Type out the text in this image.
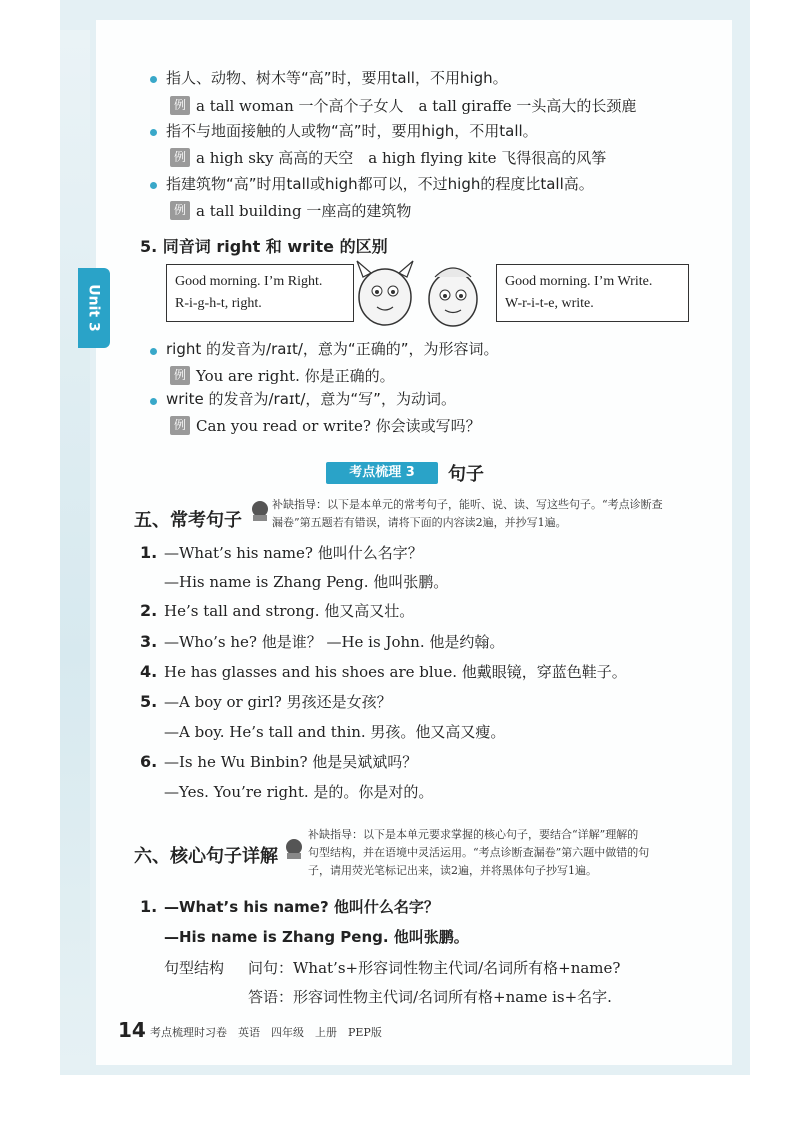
Unit 3
指人、动物、树木等“高”时，要用tall，不用high。
例 a tall woman 一个高个子女人　a tall giraffe 一头高大的长颈鹿
指不与地面接触的人或物“高”时，要用high，不用tall。
例 a high sky 高高的天空　a high flying kite 飞得很高的风筝
指建筑物“高”时用tall或high都可以，不过high的程度比tall高。
例 a tall building 一座高的建筑物
5. 同音词 right 和 write 的区别
Good morning. I’m Right.
R-i-g-h-t, right.
Good morning. I’m Write.
W-r-i-t-e, write.
right 的发音为/raɪt/，意为“正确的”，为形容词。
例 You are right. 你是正确的。
write 的发音为/raɪt/，意为“写”，为动词。
例 Can you read or write? 你会读或写吗？
考点梳理 3	句子
五、常考句子
补缺指导：以下是本单元的常考句子，能听、说、读、写这些句子。“考点诊断查
漏卷”第五题若有错误，请将下面的内容读2遍，并抄写1遍。
1. —What’s his name? 他叫什么名字？
—His name is Zhang Peng. 他叫张鹏。
2. He’s tall and strong. 他又高又壮。
3. —Who’s he? 他是谁？ —He is John. 他是约翰。
4. He has glasses and his shoes are blue. 他戴眼镜，穿蓝色鞋子。
5. —A boy or girl? 男孩还是女孩？
—A boy. He’s tall and thin. 男孩。他又高又瘦。
6. —Is he Wu Binbin? 他是吴斌斌吗？
—Yes. You’re right. 是的。你是对的。
六、核心句子详解
补缺指导：以下是本单元要求掌握的核心句子，要结合“详解”理解的
句型结构，并在语境中灵活运用。“考点诊断查漏卷”第六题中做错的句
子，请用荧光笔标记出来，读2遍，并将黑体句子抄写1遍。
1. —What’s his name? 他叫什么名字？
—His name is Zhang Peng. 他叫张鹏。
句型结构 问句：What’s+形容词性物主代词/名词所有格+name?
答语：形容词性物主代词/名词所有格+name is+名字.
14 考点梳理时习卷　英语　四年级　上册　PEP版
